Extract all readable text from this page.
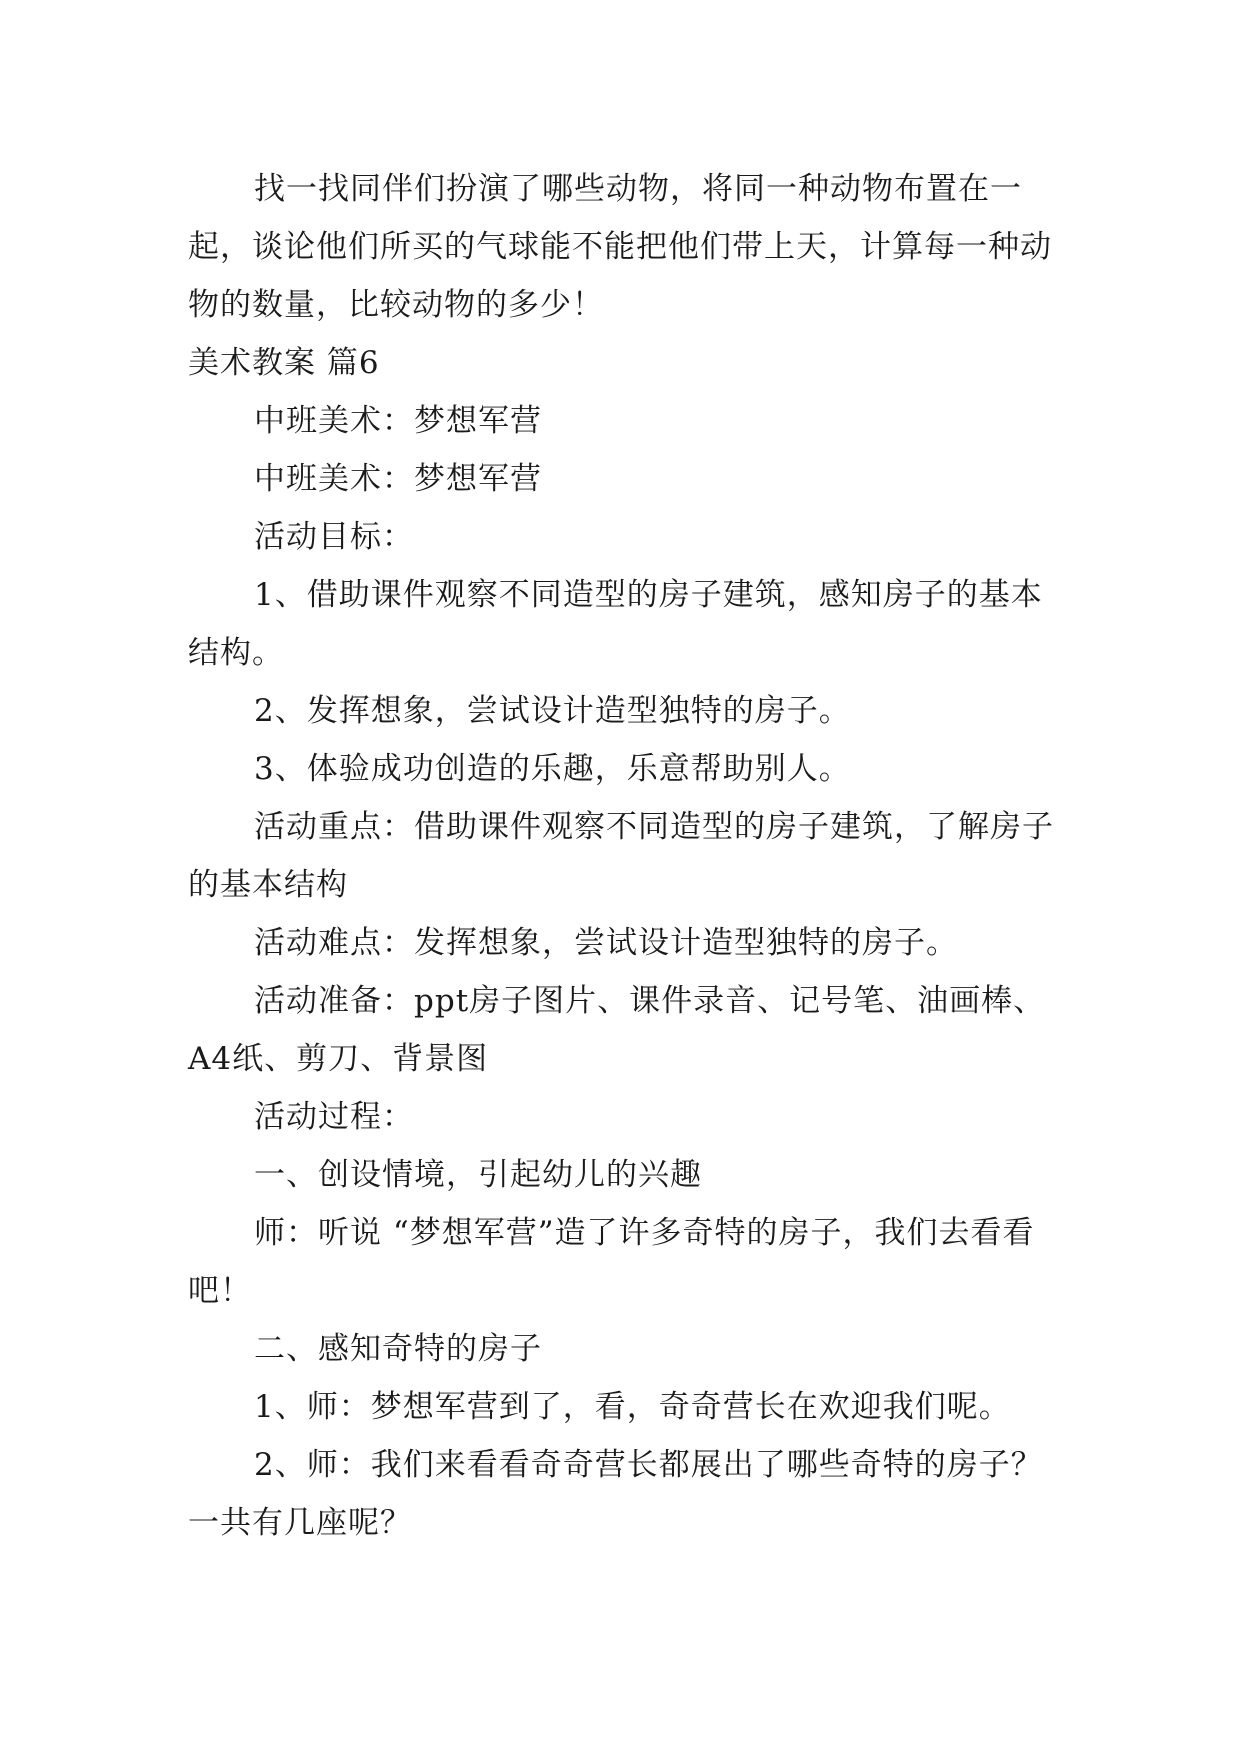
找一找同伴们扮演了哪些动物，将同一种动物布置在一起，谈论他们所买的气球能不能把他们带上天，计算每一种动物的数量，比较动物的多少！

美术教案 篇6

中班美术：梦想军营

中班美术：梦想军营

活动目标：

1、借助课件观察不同造型的房子建筑，感知房子的基本结构。

2、发挥想象，尝试设计造型独特的房子。

3、体验成功创造的乐趣，乐意帮助别人。

活动重点：借助课件观察不同造型的房子建筑，了解房子的基本结构

活动难点：发挥想象，尝试设计造型独特的房子。

活动准备：ppt房子图片、课件录音、记号笔、油画棒、A4纸、剪刀、背景图

活动过程：

一、创设情境，引起幼儿的兴趣

师：听说 “梦想军营”造了许多奇特的房子，我们去看看吧！

二、感知奇特的房子

1、师：梦想军营到了，看，奇奇营长在欢迎我们呢。

2、师：我们来看看奇奇营长都展出了哪些奇特的房子？一共有几座呢？
